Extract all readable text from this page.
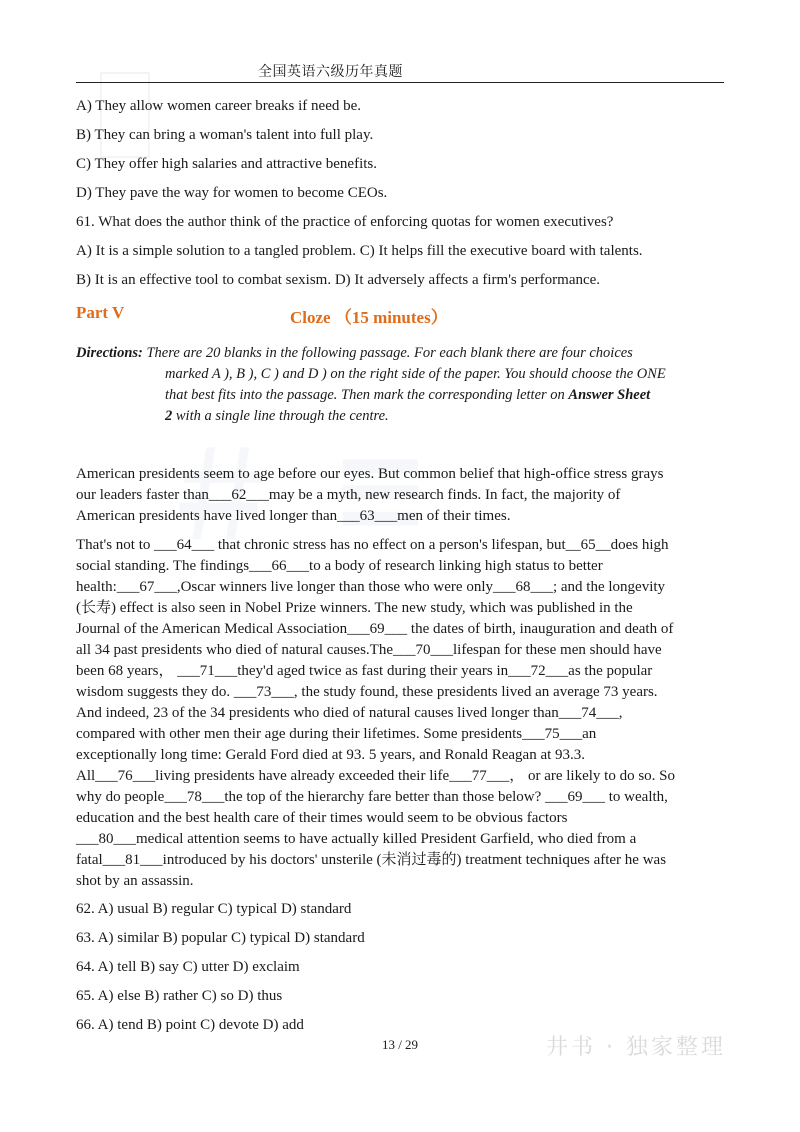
＃ ≡
全国英语六级历年真题
A) They allow women career breaks if need be.
B) They can bring a woman's talent into full play.
C) They offer high salaries and attractive benefits.
D) They pave the way for women to become CEOs.
61. What does the author think of the practice of enforcing quotas for women executives?
A) It is a simple solution to a tangled problem. C) It helps fill the executive board with talents.
B) It is an effective tool to combat sexism. D) It adversely affects a firm's performance.
Part V	Cloze （15 minutes）
Directions: There are 20 blanks in the following passage. For each blank there are four choices
marked A ), B ), C ) and D ) on the right side of the paper. You should choose the ONE
that best fits into the passage. Then mark the corresponding letter on Answer Sheet
2 with a single line through the centre.
American presidents seem to age before our eyes. But common belief that high-office stress grays
our leaders faster than___62___may be a myth, new research finds. In fact, the majority of
American presidents have lived longer than___63___men of their times.
That's not to ___64___ that chronic stress has no effect on a person's lifespan, but__65__does high
social standing. The findings___66___to a body of research linking high status to better
health:___67___,Oscar winners live longer than those who were only___68___; and the longevity
(长寿) effect is also seen in Nobel Prize winners. The new study, which was published in the
Journal of the American Medical Association___69___ the dates of birth, inauguration and death of
all 34 past presidents who died of natural causes.The___70___lifespan for these men should have
been 68 years， ___71___they'd aged twice as fast during their years in___72___as the popular
wisdom suggests they do. ___73___, the study found, these presidents lived an average 73 years.
And indeed, 23 of the 34 presidents who died of natural causes lived longer than___74___,
compared with other men their age during their lifetimes. Some presidents___75___an
exceptionally long time: Gerald Ford died at 93. 5 years, and Ronald Reagan at 93.3.
All___76___living presidents have already exceeded their life___77___， or are likely to do so. So
why do people___78___the top of the hierarchy fare better than those below? ___69___ to wealth,
education and the best health care of their times would seem to be obvious factors
___80___medical attention seems to have actually killed President Garfield, who died from a
fatal___81___introduced by his doctors' unsterile (未消过毒的) treatment techniques after he was
shot by an assassin.
62. A) usual B) regular C) typical D) standard
63. A) similar B) popular C) typical D) standard
64. A) tell B) say C) utter D) exclaim
65. A) else B) rather C) so D) thus
66. A) tend B) point C) devote D) add
13 / 29	井书 · 独家整理
